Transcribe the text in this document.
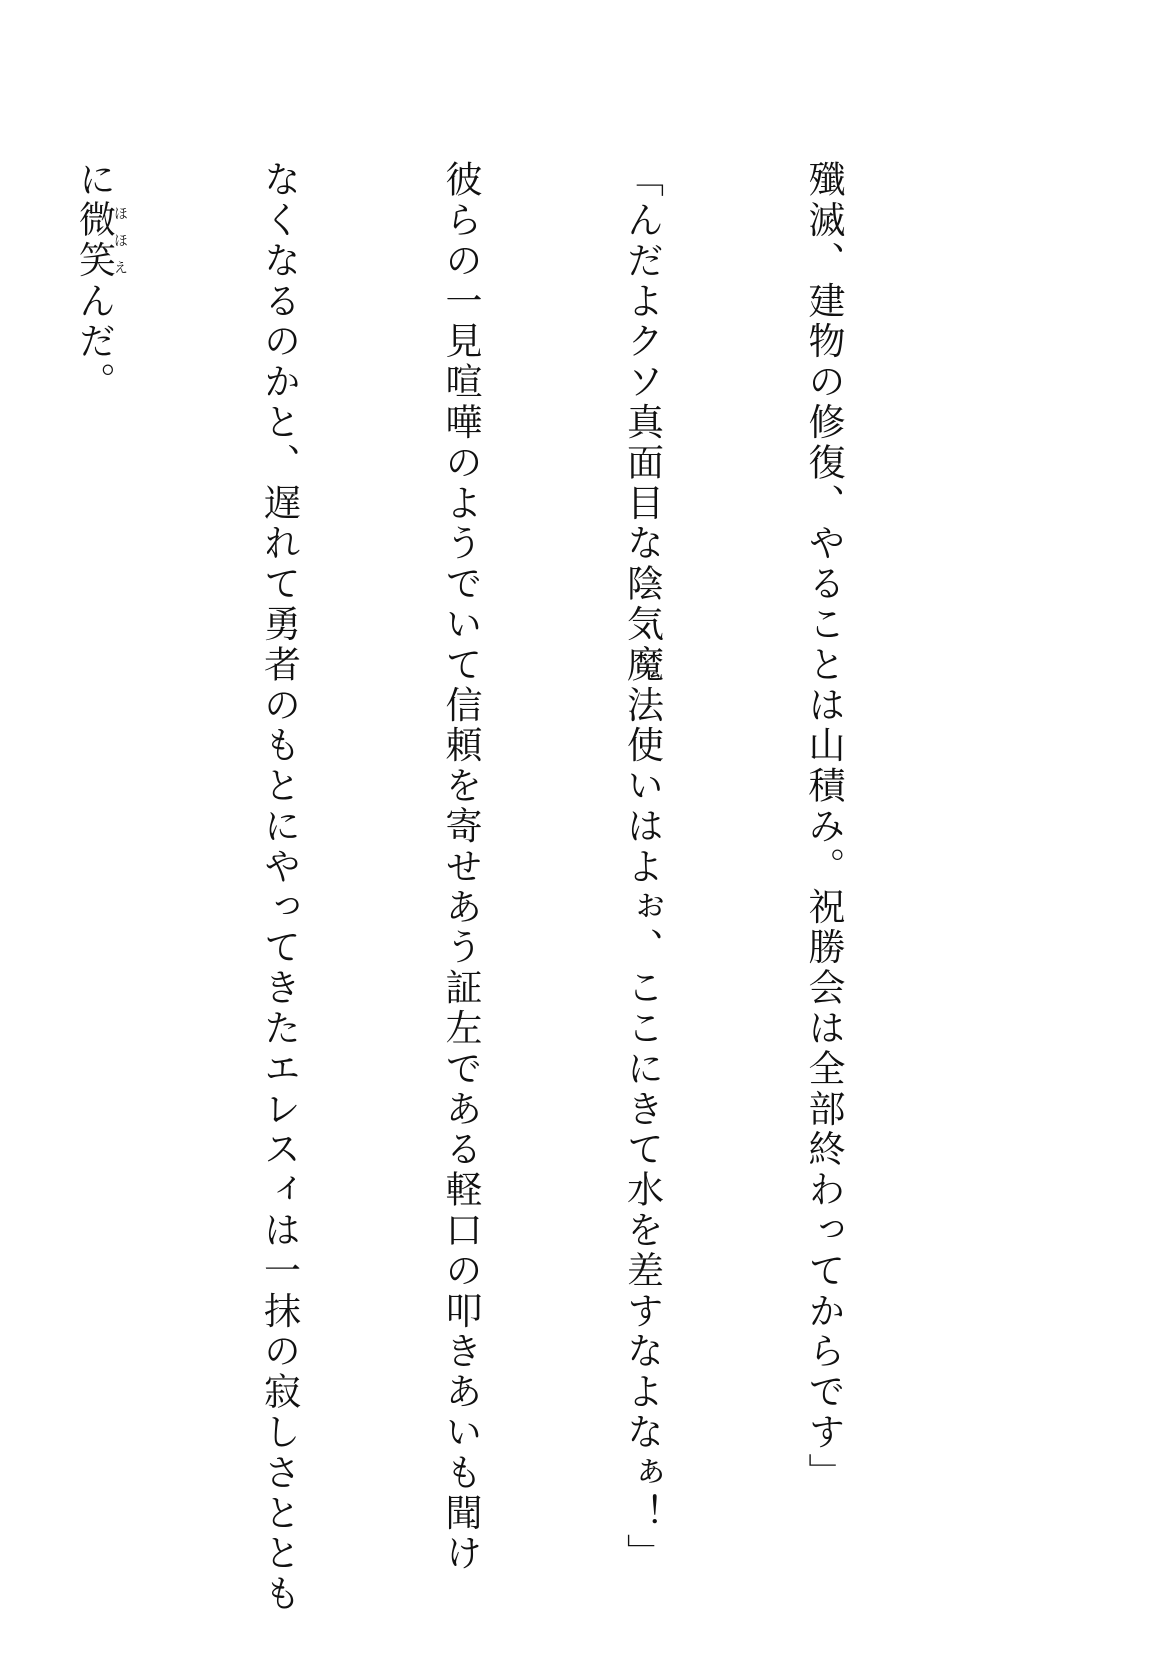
殲滅、建物の修復、やることは山積み。祝勝会は全部終わってからです」

「んだよクソ真面目な陰気魔法使いはよぉ、ここにきて水を差すなよなぁ！」

彼らの一見喧嘩のようでいて信頼を寄せあう証左である軽口の叩きあいも聞け

なくなるのかと、遅れて勇者のもとにやってきたエレスィは一抹の寂しさととも

に微笑ほほえんだ。
